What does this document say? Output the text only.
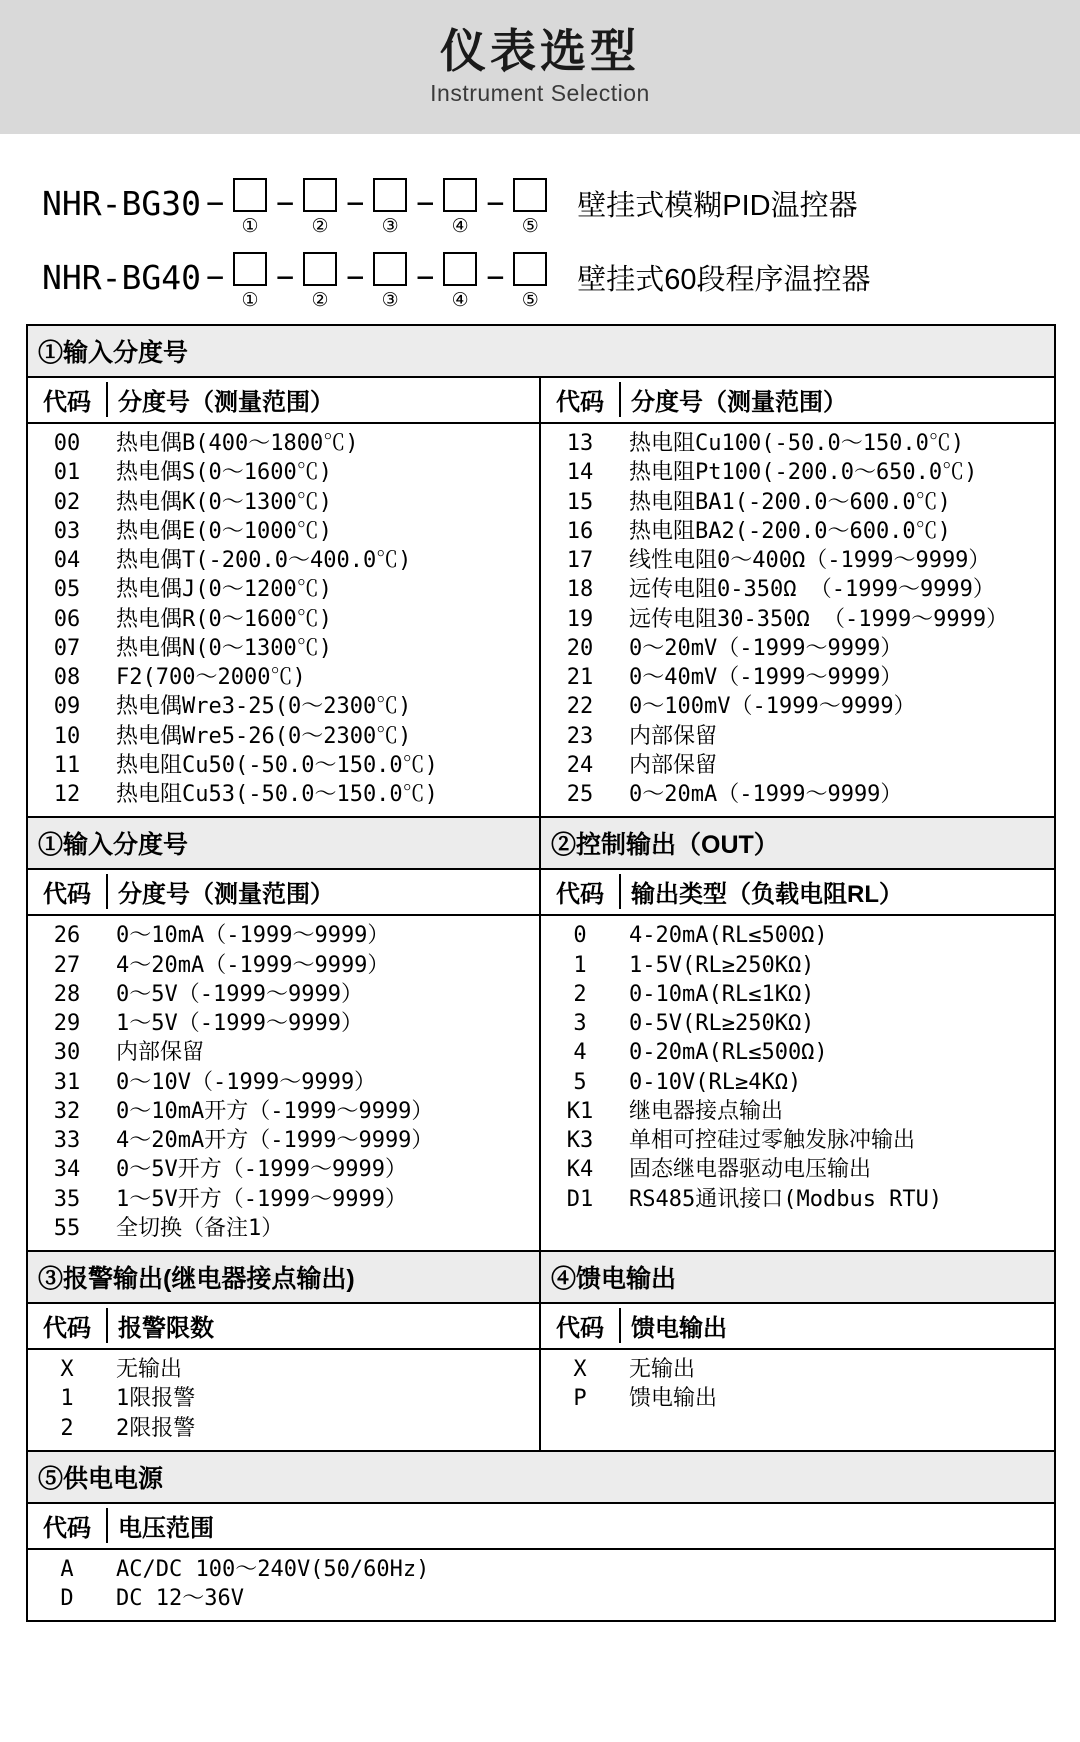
仪表选型
Instrument Selection
NHR-BG30 −
①
−
②
−
③
−
④
−
⑤
壁挂式模糊PID温控器
NHR-BG40 −
①
−
②
−
③
−
④
−
⑤
壁挂式60段程序温控器
①输入分度号
代码	分度号（测量范围）
00	热电偶B(400～1800℃)
01	热电偶S(0～1600℃)
02	热电偶K(0～1300℃)
03	热电偶E(0～1000℃)
04	热电偶T(-200.0～400.0℃)
05	热电偶J(0～1200℃)
06	热电偶R(0～1600℃)
07	热电偶N(0～1300℃)
08	F2(700～2000℃)
09	热电偶Wre3-25(0～2300℃)
10	热电偶Wre5-26(0～2300℃)
11	热电阻Cu50(-50.0～150.0℃)
12	热电阻Cu53(-50.0～150.0℃)
代码	分度号（测量范围）
13	热电阻Cu100(-50.0～150.0℃)
14	热电阻Pt100(-200.0～650.0℃)
15	热电阻BA1(-200.0～600.0℃)
16	热电阻BA2(-200.0～600.0℃)
17	线性电阻0～400Ω（-1999～9999）
18	远传电阻0-350Ω （-1999～9999）
19	远传电阻30-350Ω （-1999～9999）
20	0～20mV（-1999～9999）
21	0～40mV（-1999～9999）
22	0～100mV（-1999～9999）
23	内部保留
24	内部保留
25	0～20mA（-1999～9999）
①输入分度号	②控制输出（OUT）
代码	分度号（测量范围）
26	0～10mA（-1999～9999）
27	4～20mA（-1999～9999）
28	0～5V（-1999～9999）
29	1～5V（-1999～9999）
30	内部保留
31	0～10V（-1999～9999）
32	0～10mA开方（-1999～9999）
33	4～20mA开方（-1999～9999）
34	0～5V开方（-1999～9999）
35	1～5V开方（-1999～9999）
55	全切换（备注1）
代码	输出类型（负载电阻RL）
0	4-20mA(RL≤500Ω)
1	1-5V(RL≥250KΩ)
2	0-10mA(RL≤1KΩ)
3	0-5V(RL≥250KΩ)
4	0-20mA(RL≤500Ω)
5	0-10V(RL≥4KΩ)
K1	继电器接点输出
K3	单相可控硅过零触发脉冲输出
K4	固态继电器驱动电压输出
D1	RS485通讯接口(Modbus RTU)
③报警输出(继电器接点输出)	④馈电输出
代码	报警限数
X	无输出
1	1限报警
2	2限报警
代码	馈电输出
X	无输出
P	馈电输出
⑤供电电源
代码	电压范围
A	AC/DC 100～240V(50/60Hz)
D	DC 12～36V
